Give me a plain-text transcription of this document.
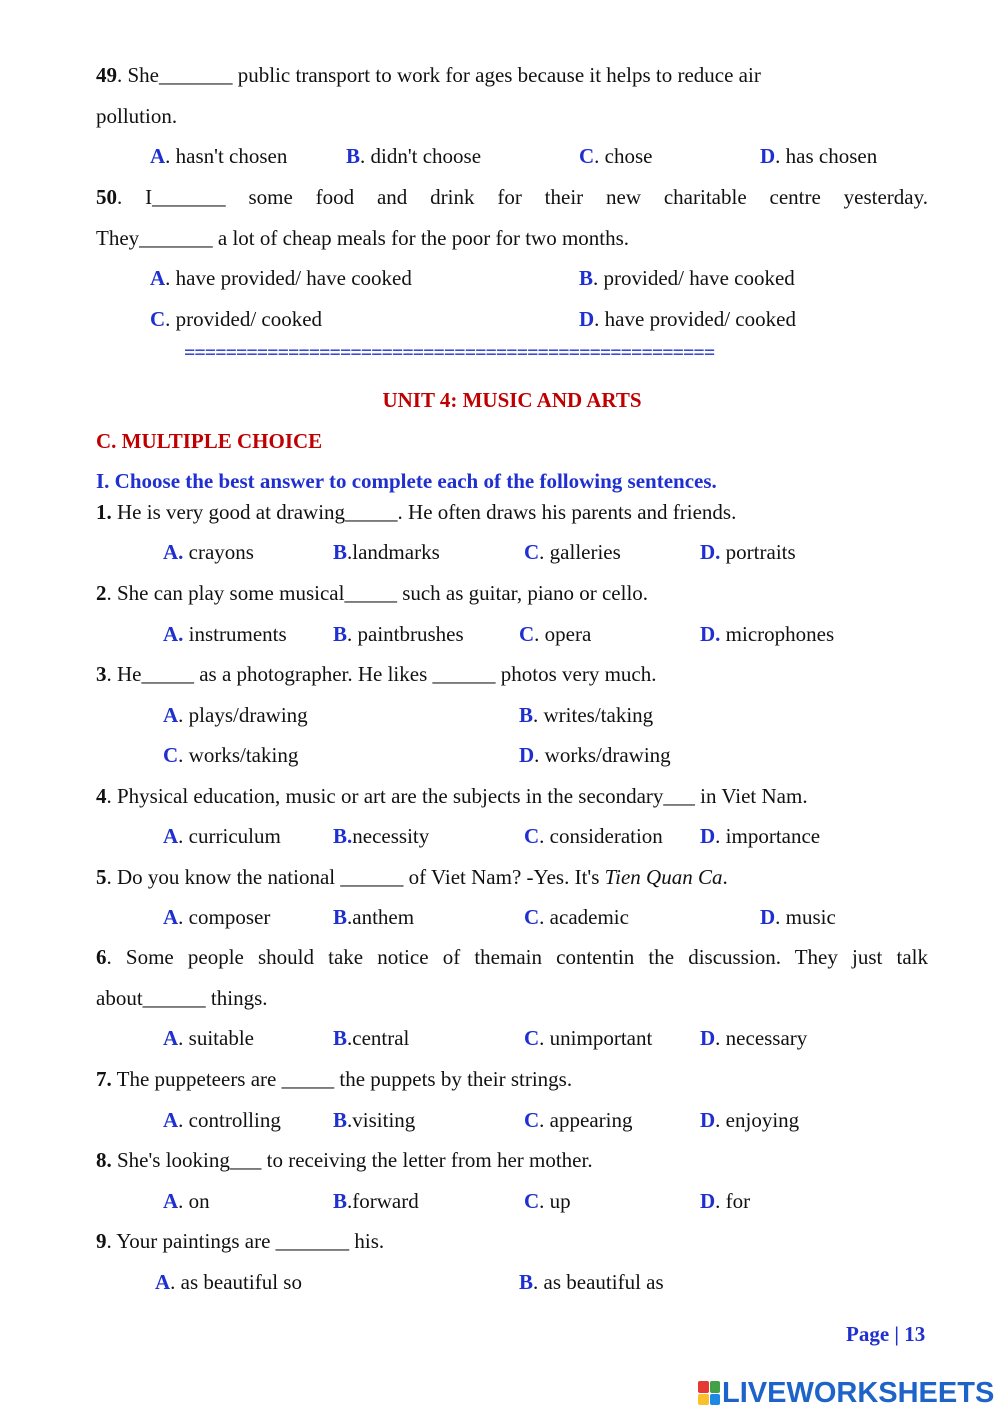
49. She_______ public transport to work for ages because it helps to reduce air
pollution.
A. hasn't chosen	B. didn't choose	C. chose	D. has chosen
50. I_______ some food and drink for their new charitable centre yesterday.
They_______ a lot of cheap meals for the poor for two months.
A. have provided/ have cooked	B. provided/ have cooked
C. provided/ cooked	D. have provided/ cooked
===================================================
UNIT 4: MUSIC AND ARTS
C. MULTIPLE CHOICE
I. Choose the best answer to complete each of the following sentences.
1. He is very good at drawing_____. He often draws his parents and friends.
A. crayons	B.landmarks	C. galleries	D. portraits
2. She can play some musical_____ such as guitar, piano or cello.
A. instruments B. paintbrushes	C. opera	D. microphones
3. He_____ as a photographer. He likes ______ photos very much.
A. plays/drawing	B. writes/taking
C. works/taking	D. works/drawing
4. Physical education, music or art are the subjects in the secondary___ in Viet Nam.
A. curriculum B.necessity	C. consideration D. importance
5. Do you know the national ______ of Viet Nam? -Yes. It's Tien Quan Ca.
A. composer	B.anthem	C. academic	D. music
6. Some people should take notice of themain contentin the discussion. They just talk
about______ things.
A. suitable	B.central	C. unimportant D. necessary
7. The puppeteers are _____ the puppets by their strings.
A. controlling B.visiting	C. appearing	D. enjoying
8. She's looking___ to receiving the letter from her mother.
A. on	B.forward	C. up	D. for
9. Your paintings are _______ his.
A. as beautiful so	B. as beautiful as
Page | 13
LIVEWORKSHEETS
